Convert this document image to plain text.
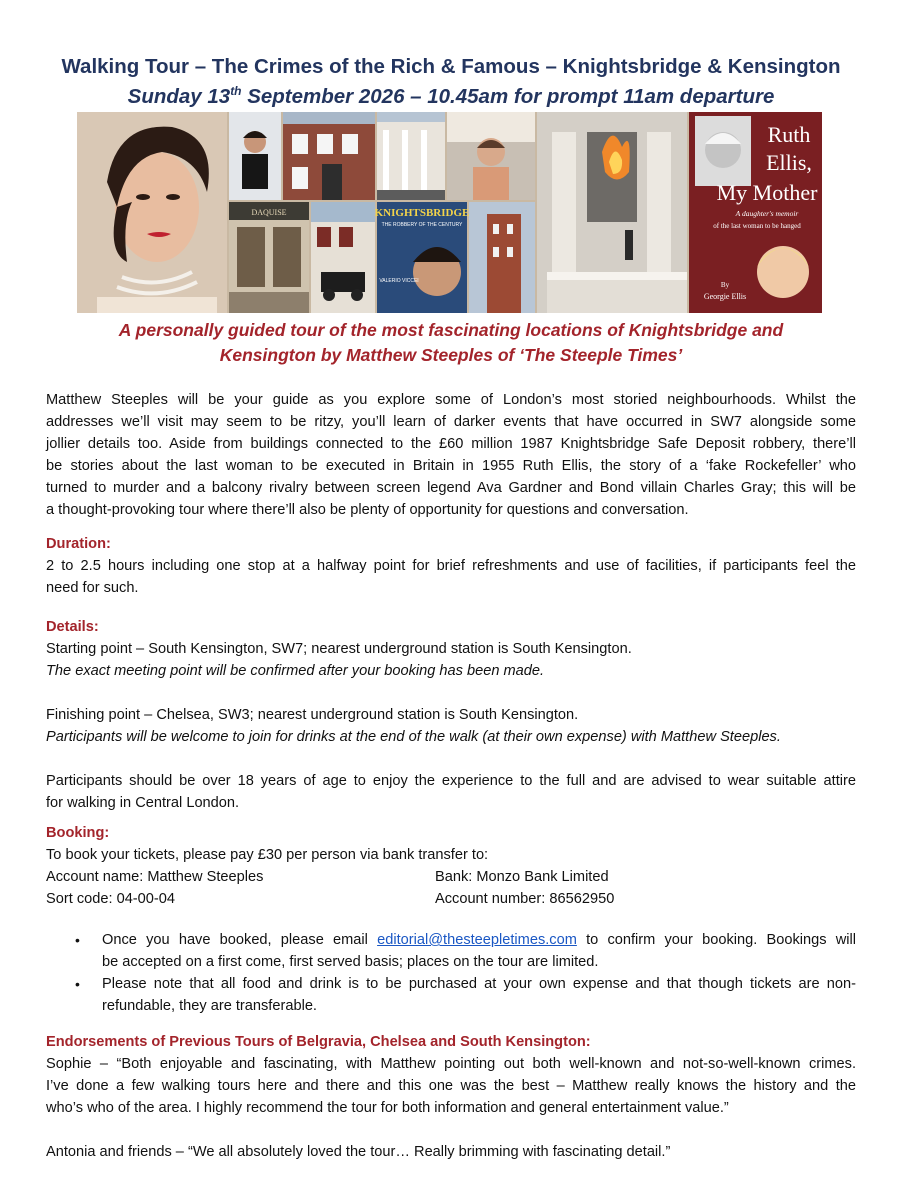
Walking Tour – The Crimes of the Rich & Famous – Knightsbridge & Kensington
Sunday 13th September 2026 – 10.45am for prompt 11am departure
DAQUISE	KNIGHTSBRIDGE
THE ROBBERY OF THE CENTURY
VALERIO VICCEI
Ruth
Ellis,
My Mother
A daughter's memoir
of the last woman to be hanged
By
Georgie Ellis
A personally guided tour of the most fascinating locations of Knightsbridge and
Kensington by Matthew Steeples of ‘The Steeple Times’
Matthew Steeples will be your guide as you explore some of London’s most storied neighbourhoods. Whilst the
addresses we’ll visit may seem to be ritzy, you’ll learn of darker events that have occurred in SW7 alongside some
jollier details too. Aside from buildings connected to the £60 million 1987 Knightsbridge Safe Deposit robbery, there’ll
be stories about the last woman to be executed in Britain in 1955 Ruth Ellis, the story of a ‘fake Rockefeller’ who
turned to murder and a balcony rivalry between screen legend Ava Gardner and Bond villain Charles Gray; this will be
a thought-provoking tour where there’ll also be plenty of opportunity for questions and conversation.
Duration:
2 to 2.5 hours including one stop at a halfway point for brief refreshments and use of facilities, if participants feel the
need for such.
Details:
Starting point – South Kensington, SW7; nearest underground station is South Kensington.
The exact meeting point will be confirmed after your booking has been made.
Finishing point – Chelsea, SW3; nearest underground station is South Kensington.
Participants will be welcome to join for drinks at the end of the walk (at their own expense) with Matthew Steeples.
Participants should be over 18 years of age to enjoy the experience to the full and are advised to wear suitable attire
for walking in Central London.
Booking:
To book your tickets, please pay £30 per person via bank transfer to:
Account name: Matthew Steeples	Bank: Monzo Bank Limited
Sort code: 04-00-04	Account number: 86562950
• Once you have booked, please email editorial@thesteepletimes.com to confirm your booking. Bookings will
be accepted on a first come, first served basis; places on the tour are limited.
• Please note that all food and drink is to be purchased at your own expense and that though tickets are non-
refundable, they are transferable.
Endorsements of Previous Tours of Belgravia, Chelsea and South Kensington:
Sophie – “Both enjoyable and fascinating, with Matthew pointing out both well-known and not-so-well-known crimes.
I’ve done a few walking tours here and there and this one was the best – Matthew really knows the history and the
who’s who of the area. I highly recommend the tour for both information and general entertainment value.”
Antonia and friends – “We all absolutely loved the tour… Really brimming with fascinating detail.”
